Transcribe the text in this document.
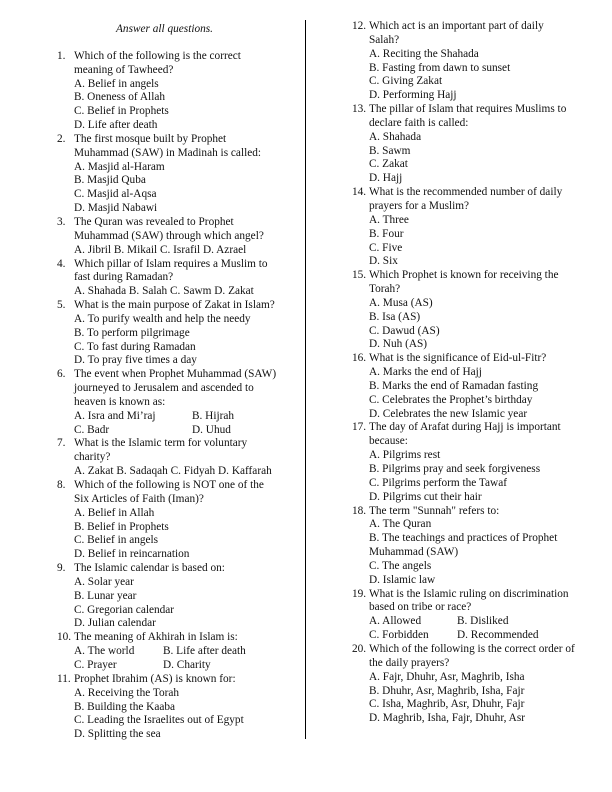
Answer all questions.
1. Which of the following is the correct
meaning of Tawheed?
A. Belief in angels
B. Oneness of Allah
C. Belief in Prophets
D. Life after death
2. The first mosque built by Prophet
Muhammad (SAW) in Madinah is called:
A. Masjid al-Haram
B. Masjid Quba
C. Masjid al-Aqsa
D. Masjid Nabawi
3. The Quran was revealed to Prophet
Muhammad (SAW) through which angel?
A. Jibril B. Mikail C. Israfil D. Azrael
4. Which pillar of Islam requires a Muslim to
fast during Ramadan?
A. Shahada B. Salah C. Sawm D. Zakat
5. What is the main purpose of Zakat in Islam?
A. To purify wealth and help the needy
B. To perform pilgrimage
C. To fast during Ramadan
D. To pray five times a day
6. The event when Prophet Muhammad (SAW)
journeyed to Jerusalem and ascended to
heaven is known as:
A. Isra and Mi’raj	B. Hijrah
C. Badr	D. Uhud
7. What is the Islamic term for voluntary
charity?
A. Zakat B. Sadaqah C. Fidyah D. Kaffarah
8. Which of the following is NOT one of the
Six Articles of Faith (Iman)?
A. Belief in Allah
B. Belief in Prophets
C. Belief in angels
D. Belief in reincarnation
9. The Islamic calendar is based on:
A. Solar year
B. Lunar year
C. Gregorian calendar
D. Julian calendar
10. The meaning of Akhirah in Islam is:
A. The world	B. Life after death
C. Prayer	D. Charity
11. Prophet Ibrahim (AS) is known for:
A. Receiving the Torah
B. Building the Kaaba
C. Leading the Israelites out of Egypt
D. Splitting the sea
12. Which act is an important part of daily
Salah?
A. Reciting the Shahada
B. Fasting from dawn to sunset
C. Giving Zakat
D. Performing Hajj
13. The pillar of Islam that requires Muslims to
declare faith is called:
A. Shahada
B. Sawm
C. Zakat
D. Hajj
14. What is the recommended number of daily
prayers for a Muslim?
A. Three
B. Four
C. Five
D. Six
15. Which Prophet is known for receiving the
Torah?
A. Musa (AS)
B. Isa (AS)
C. Dawud (AS)
D. Nuh (AS)
16. What is the significance of Eid-ul-Fitr?
A. Marks the end of Hajj
B. Marks the end of Ramadan fasting
C. Celebrates the Prophet’s birthday
D. Celebrates the new Islamic year
17. The day of Arafat during Hajj is important
because:
A. Pilgrims rest
B. Pilgrims pray and seek forgiveness
C. Pilgrims perform the Tawaf
D. Pilgrims cut their hair
18. The term "Sunnah" refers to:
A. The Quran
B. The teachings and practices of Prophet
Muhammad (SAW)
C. The angels
D. Islamic law
19. What is the Islamic ruling on discrimination
based on tribe or race?
A. Allowed	B. Disliked
C. Forbidden	D. Recommended
20. Which of the following is the correct order of
the daily prayers?
A. Fajr, Dhuhr, Asr, Maghrib, Isha
B. Dhuhr, Asr, Maghrib, Isha, Fajr
C. Isha, Maghrib, Asr, Dhuhr, Fajr
D. Maghrib, Isha, Fajr, Dhuhr, Asr
